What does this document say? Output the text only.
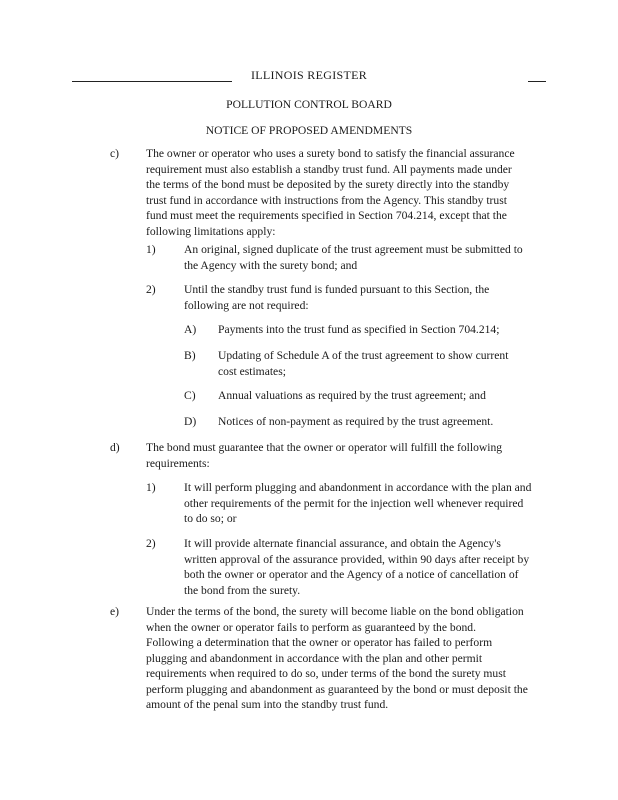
ILLINOIS REGISTER
POLLUTION CONTROL BOARD
NOTICE OF PROPOSED AMENDMENTS
c) The owner or operator who uses a surety bond to satisfy the financial assurance

requirement must also establish a standby trust fund. All payments made under

the terms of the bond must be deposited by the surety directly into the standby

trust fund in accordance with instructions from the Agency. This standby trust

fund must meet the requirements specified in Section 704.214, except that the

following limitations apply:

1) An original, signed duplicate of the trust agreement must be submitted to

the Agency with the surety bond; and

2) Until the standby trust fund is funded pursuant to this Section, the

following are not required:

A) Payments into the trust fund as specified in Section 704.214;

B) Updating of Schedule A of the trust agreement to show current

cost estimates;

C) Annual valuations as required by the trust agreement; and

D) Notices of non-payment as required by the trust agreement.

d) The bond must guarantee that the owner or operator will fulfill the following

requirements:

1) It will perform plugging and abandonment in accordance with the plan and

other requirements of the permit for the injection well whenever required

to do so; or

2) It will provide alternate financial assurance, and obtain the Agency's

written approval of the assurance provided, within 90 days after receipt by

both the owner or operator and the Agency of a notice of cancellation of

the bond from the surety.

e) Under the terms of the bond, the surety will become liable on the bond obligation

when the owner or operator fails to perform as guaranteed by the bond.

Following a determination that the owner or operator has failed to perform

plugging and abandonment in accordance with the plan and other permit

requirements when required to do so, under terms of the bond the surety must

perform plugging and abandonment as guaranteed by the bond or must deposit the

amount of the penal sum into the standby trust fund.
